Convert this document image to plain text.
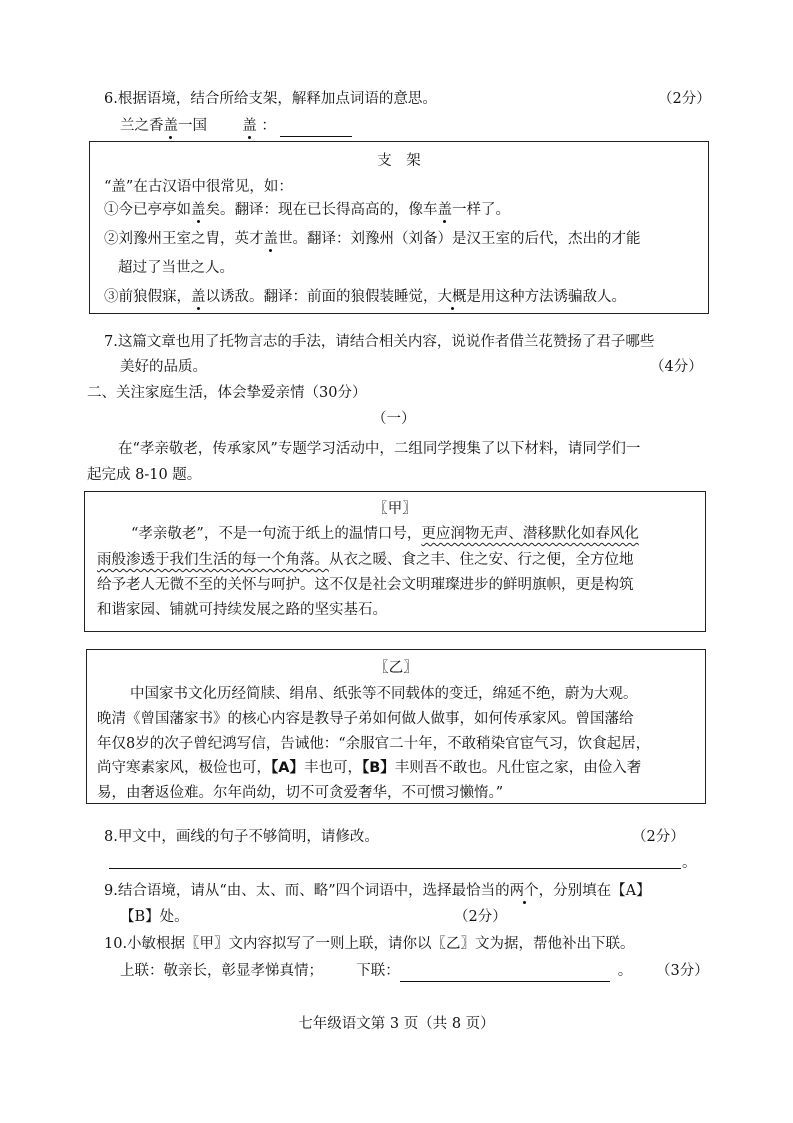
6.根据语境，结合所给支架，解释加点词语的意思。	（2分）
兰之香盖一国 盖 ：
支　架
“盖”在古汉语中很常见，如：
①今已亭亭如盖矣。翻译：现在已长得高高的，像车盖一样了。
②刘豫州王室之胄，英才盖世。翻译：刘豫州（刘备）是汉王室的后代，杰出的才能
超过了当世之人。
③前狼假寐，盖以诱敌。翻译：前面的狼假装睡觉，大概是用这种方法诱骗敌人。
7.这篇文章也用了托物言志的手法，请结合相关内容，说说作者借兰花赞扬了君子哪些
美好的品质。	（4分）
二、关注家庭生活，体会挚爱亲情（30分）
（一）
在“孝亲敬老，传承家风”专题学习活动中，二组同学搜集了以下材料，请同学们一
起完成 8-10 题。
〖甲〗
“孝亲敬老”，不是一句流于纸上的温情口号，更应润物无声、潜移默化如春风化
雨般渗透于我们生活的每一个角落。从衣之暖、食之丰、住之安、行之便，全方位地
给予老人无微不至的关怀与呵护。这不仅是社会文明璀璨进步的鲜明旗帜，更是构筑
和谐家园、铺就可持续发展之路的坚实基石。
〖乙〗
中国家书文化历经简牍、绢帛、纸张等不同载体的变迁，绵延不绝，蔚为大观。
晚清《曾国藩家书》的核心内容是教导子弟如何做人做事，如何传承家风。曾国藩给
年仅8岁的次子曾纪鸿写信，告诫他：“余服官二十年，不敢稍染官宦气习，饮食起居，
尚守寒素家风，极俭也可，【A】丰也可，【B】丰则吾不敢也。凡仕宦之家，由俭入奢
易，由奢返俭难。尔年尚幼，切不可贪爱奢华，不可惯习懒惰。”
8.甲文中，画线的句子不够简明，请修改。	（2分）
。
9.结合语境，请从“由、太、而、略”四个词语中，选择最恰当的两个，分别填在【A】
【B】处。	（2分）
10.小敏根据〖甲〗文内容拟写了一则上联，请你以〖乙〗文为据，帮他补出下联。
上联：敬亲长，彰显孝悌真情； 下联：	。 （3分）
七年级语文第 3 页（共 8 页）
